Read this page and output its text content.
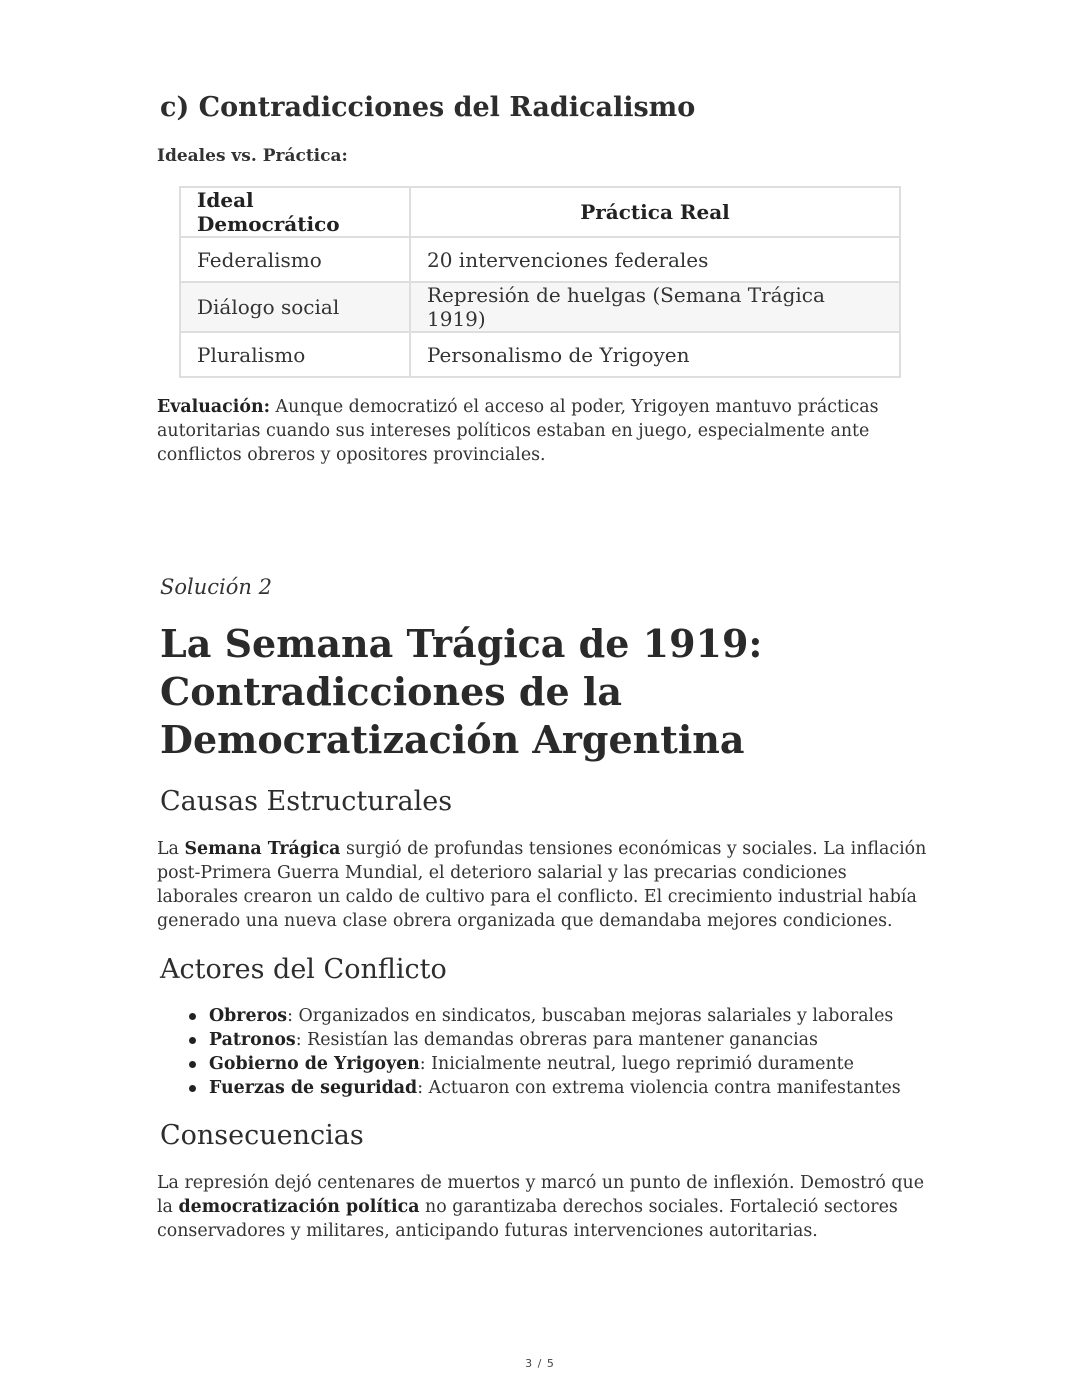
c) Contradicciones del Radicalismo

Ideales vs. Práctica:

Ideal Democrático	Práctica Real
Federalismo	20 intervenciones federales
Diálogo social	Represión de huelgas (Semana Trágica 1919)
Pluralismo	Personalismo de Yrigoyen

Evaluación: Aunque democratizó el acceso al poder, Yrigoyen mantuvo prácticas autoritarias cuando sus intereses políticos estaban en juego, especialmente ante conflictos obreros y opositores provinciales.

Solución 2

La Semana Trágica de 1919: Contradicciones de la Democratización Argentina
Causas Estructurales

La Semana Trágica surgió de profundas tensiones económicas y sociales. La inflación post-Primera Guerra Mundial, el deterioro salarial y las precarias condiciones laborales crearon un caldo de cultivo para el conflicto. El crecimiento industrial había generado una nueva clase obrera organizada que demandaba mejores condiciones.

Actores del Conflicto
Obreros: Organizados en sindicatos, buscaban mejoras salariales y laborales
Patronos: Resistían las demandas obreras para mantener ganancias
Gobierno de Yrigoyen: Inicialmente neutral, luego reprimió duramente
Fuerzas de seguridad: Actuaron con extrema violencia contra manifestantes
Consecuencias

La represión dejó centenares de muertos y marcó un punto de inflexión. Demostró que la democratización política no garantizaba derechos sociales. Fortaleció sectores conservadores y militares, anticipando futuras intervenciones autoritarias.

3 / 5
